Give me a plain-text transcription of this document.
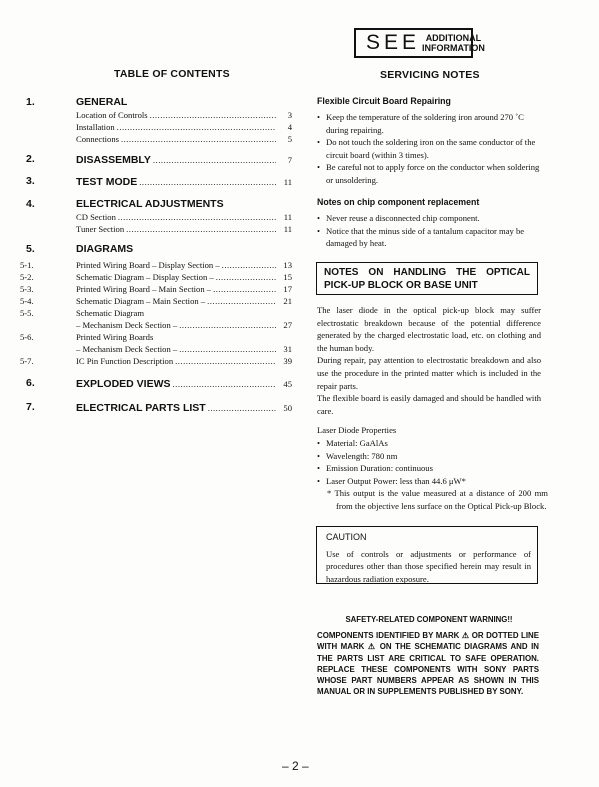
SEE ADDITIONAL
INFORMATION
TABLE OF CONTENTS
1.	GENERAL
Location of Controls .....	3
Installation .....	4
Connections .....	5
2.	DISASSEMBLY .....	7
3.	TEST MODE .....	11
4.	ELECTRICAL ADJUSTMENTS
CD Section .....	11
Tuner Section .....	11
5.	DIAGRAMS
5-1.	Printed Wiring Board – Display Section – .....	13
5-2.	Schematic Diagram – Display Section – .....	15
5-3.	Printed Wiring Board – Main Section – .....	17
5-4.	Schematic Diagram – Main Section – .....	21
5-5.	Schematic Diagram
– Mechanism Deck Section – .....	27
5-6.	Printed Wiring Boards
– Mechanism Deck Section – .....	31
5-7.	IC Pin Function Description .....	39
6.	EXPLODED VIEWS .....	45
7.	ELECTRICAL PARTS LIST .....	50
SERVICING NOTES
Flexible Circuit Board Repairing
• Keep the temperature of the soldering iron around 270 ˚C during repairing.
• Do not touch the soldering iron on the same conductor of the circuit board (within 3 times).
• Be careful not to apply force on the conductor when soldering or unsoldering.
Notes on chip component replacement
• Never reuse a disconnected chip component.
• Notice that the minus side of a tantalum capacitor may be damaged by heat.
NOTES ON HANDLING THE OPTICAL
PICK-UP BLOCK OR BASE UNIT

The laser diode in the optical pick-up block may suffer electrostatic breakdown because of the potential difference generated by the charged electrostatic load, etc. on clothing and the human body.

During repair, pay attention to electrostatic breakdown and also use the procedure in the printed matter which is included in the repair parts.

The flexible board is easily damaged and should be handled with care.

Laser Diode Properties
• Material: GaAlAs
• Wavelength: 780 nm
• Emission Duration: continuous
• Laser Output Power: less than 44.6 μW*
* This output is the value measured at a distance of 200 mm from the objective lens surface on the Optical Pick-up Block.
CAUTION
Use of controls or adjustments or performance of procedures other than those specified herein may result in hazardous radiation exposure.
SAFETY-RELATED COMPONENT WARNING!!
COMPONENTS IDENTIFIED BY MARK ⚠ OR DOTTED LINE WITH MARK ⚠ ON THE SCHEMATIC DIAGRAMS AND IN THE PARTS LIST ARE CRITICAL TO SAFE OPERATION. REPLACE THESE COMPONENTS WITH SONY PARTS WHOSE PART NUMBERS APPEAR AS SHOWN IN THIS MANUAL OR IN SUPPLEMENTS PUBLISHED BY SONY.
– 2 –
